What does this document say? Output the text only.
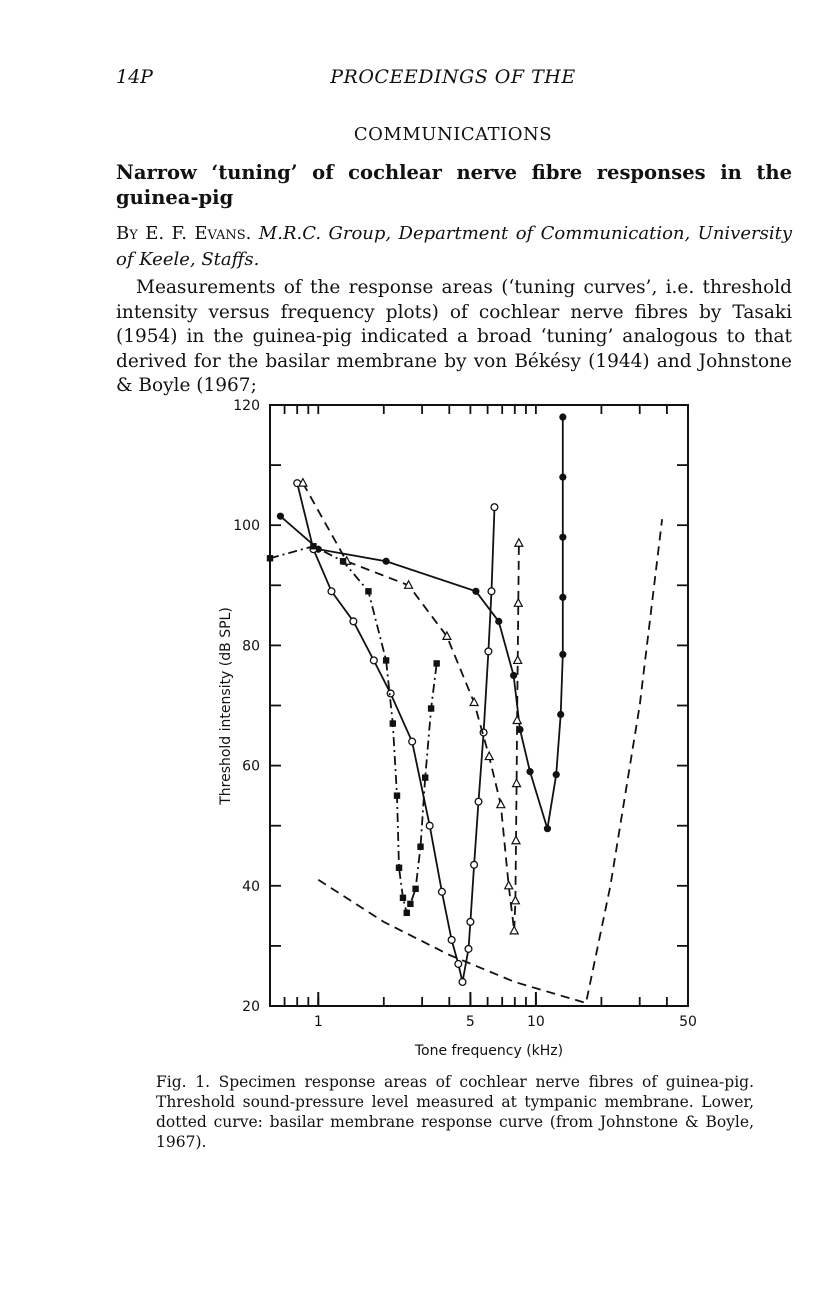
14P	PROCEEDINGS OF THE
COMMUNICATIONS
Narrow ‘tuning’ of cochlear nerve fibre responses in the guinea-pig
By E. F. Evans. M.R.C. Group, Department of Communication, University of Keele, Staffs.

Measurements of the response areas (‘tuning curves’, i.e. threshold intensity versus frequency plots) of cochlear nerve fibres by Tasaki (1954) in the guinea-pig indicated a broad ‘tuning’ analogous to that derived for the basilar membrane by von Békésy (1944) and Johnstone & Boyle (1967;

1	5	10	50
20
40
60
80
100
120
Threshold intensity (dB SPL)
Tone frequency (kHz)

Fig. 1. Specimen response areas of cochlear nerve fibres of guinea-pig. Threshold sound-pressure level measured at tympanic membrane. Lower, dotted curve: basilar membrane response curve (from Johnstone & Boyle, 1967).
